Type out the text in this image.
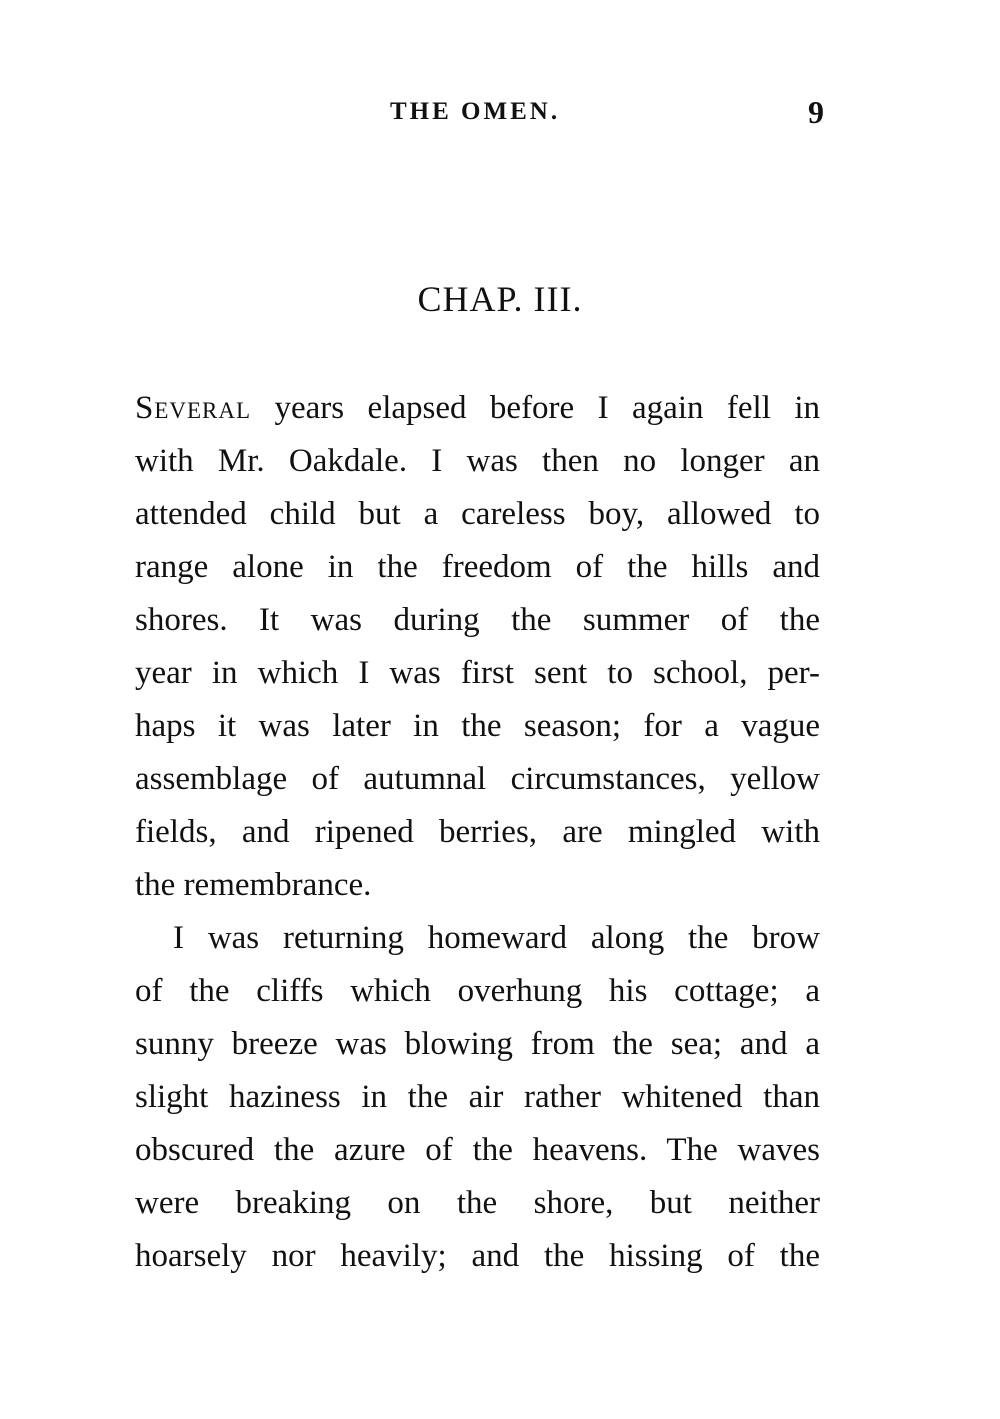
THE OMEN.	9
CHAP. III.
Several years elapsed before I again fell in
with Mr. Oakdale. I was then no longer an
attended child but a careless boy, allowed to
range alone in the freedom of the hills and
shores. It was during the summer of the
year in which I was first sent to school, per-
haps it was later in the season; for a vague
assemblage of autumnal circumstances, yellow
fields, and ripened berries, are mingled with
the remembrance.
I was returning homeward along the brow
of the cliffs which overhung his cottage; a
sunny breeze was blowing from the sea; and a
slight haziness in the air rather whitened than
obscured the azure of the heavens. The waves
were breaking on the shore, but neither
hoarsely nor heavily; and the hissing of the
